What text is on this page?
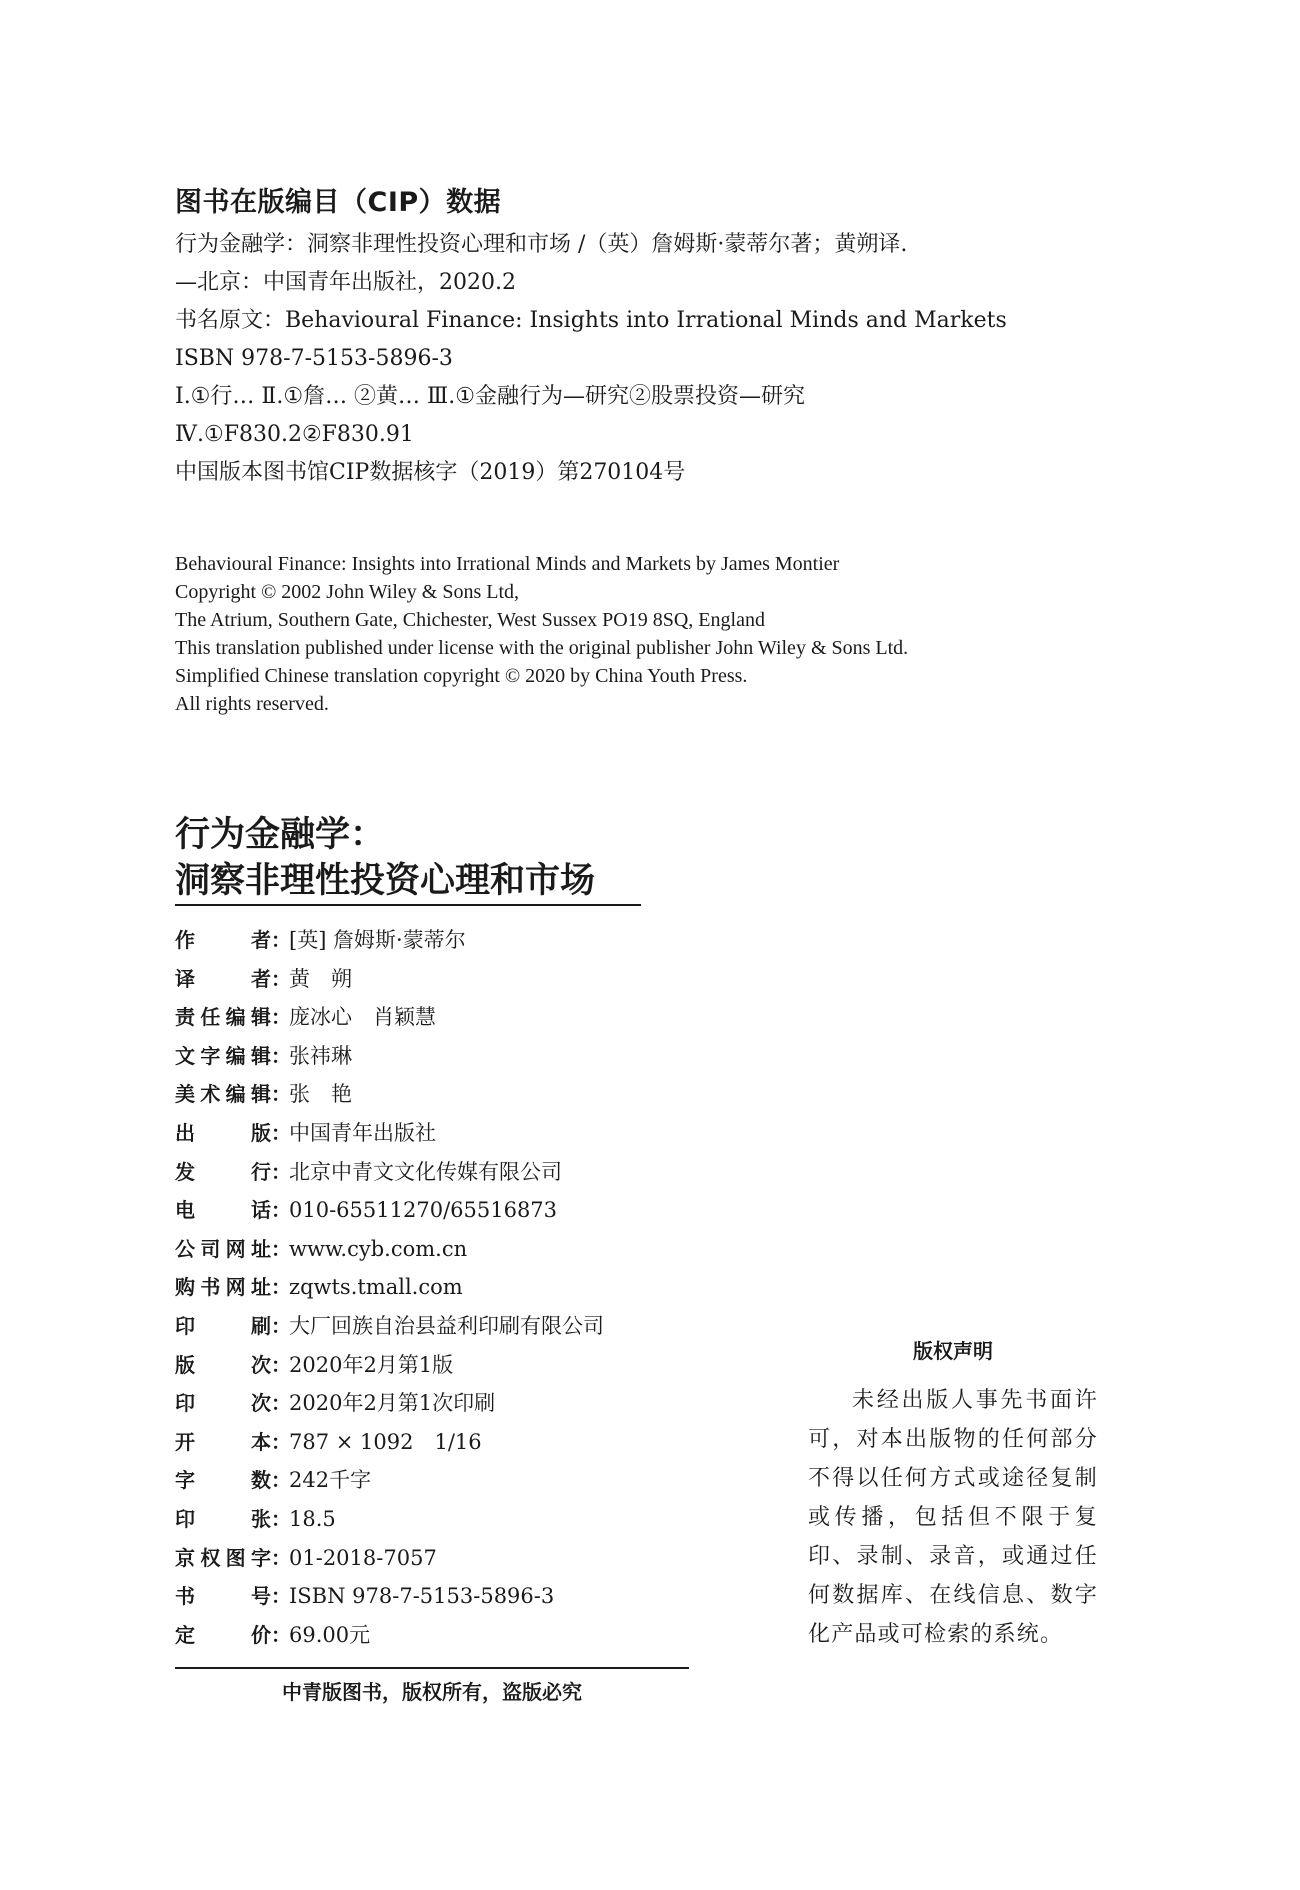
图书在版编目（CIP）数据
行为金融学：洞察非理性投资心理和市场 /（英）詹姆斯·蒙蒂尔著；黄朔译.
—北京：中国青年出版社，2020.2
书名原文：Behavioural Finance: Insights into Irrational Minds and Markets
ISBN 978-7-5153-5896-3
Ⅰ.①行… Ⅱ.①詹… ②黄… Ⅲ.①金融行为—研究②股票投资—研究
Ⅳ.①F830.2②F830.91
中国版本图书馆CIP数据核字（2019）第270104号
Behavioural Finance: Insights into Irrational Minds and Markets by James Montier
Copyright © 2002 John Wiley & Sons Ltd,
The Atrium, Southern Gate, Chichester, West Sussex PO19 8SQ, England
This translation published under license with the original publisher John Wiley & Sons Ltd.
Simplified Chinese translation copyright © 2020 by China Youth Press.
All rights reserved.
行为金融学：
洞察非理性投资心理和市场
作	者 ：
[英] 詹姆斯·蒙蒂尔
译	者 ：
黄　朔
责 任 编 辑 ：
庞冰心　肖颖慧
文 字 编 辑 ：
张祎琳
美 术 编 辑 ：
张　艳
出	版 ：
中国青年出版社
发	行 ：
北京中青文文化传媒有限公司
电	话 ：
010-65511270/65516873
公 司 网 址 ：
www.cyb.com.cn
购 书 网 址 ：
zqwts.tmall.com
印	刷 ：
大厂回族自治县益利印刷有限公司
版	次 ：
2020年2月第1版
印	次 ：
2020年2月第1次印刷
开	本 ：
787 × 1092　1/16
字	数 ：
242千字
印	张 ：
18.5
京 权 图 字 ：
01-2018-7057
书	号 ：
ISBN 978-7-5153-5896-3
定	价 ：
69.00元
中青版图书，版权所有，盗版必究
版权声明
未经出版人事先书面许可，对本出版物的任何部分不得以任何方式或途径复制或传播，包括但不限于复印、录制、录音，或通过任何数据库、在线信息、数字化产品或可检索的系统。
